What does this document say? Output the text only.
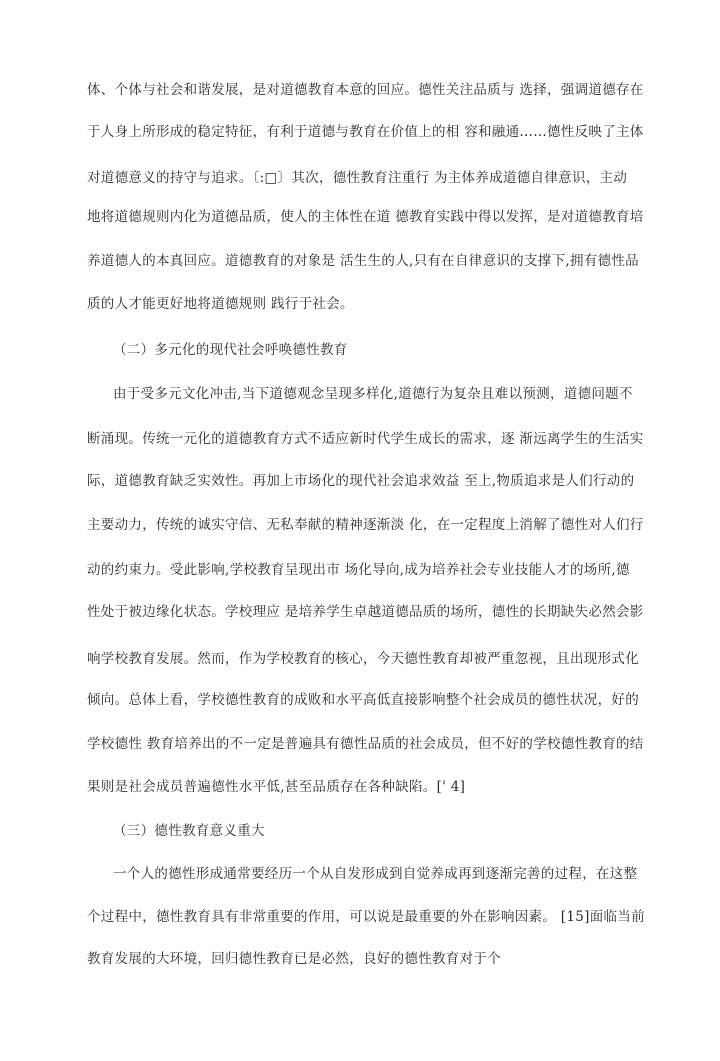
体、个体与社会和谐发展，是对道德教育本意的回应。德性关注品质与 选择，强调道德存在
于人身上所形成的稳定特征，有利于道德与教育在价值上的相 容和融通……德性反映了主体
对道德意义的持守与追求。〔:□〕其次，德性教育注重行 为主体养成道德自律意识，主动
地将道德规则内化为道德品质，使人的主体性在道 德教育实践中得以发挥，是对道德教育培
养道德人的本真回应。道德教育的对象是 活生生的人,只有在自律意识的支撑下,拥有德性品
质的人才能更好地将道德规则 践行于社会。
（二）多元化的现代社会呼唤德性教育
由于受多元文化冲击,当下道德观念呈现多样化,道德行为复杂且难以预测，道德问题不
断涌现。传统一元化的道德教育方式不适应新时代学生成长的需求，逐 渐远离学生的生活实
际，道德教育缺乏实效性。再加上市场化的现代社会追求效益 至上,物质追求是人们行动的
主要动力，传统的诚实守信、无私奉献的精神逐渐淡 化，在一定程度上消解了德性对人们行
动的约束力。受此影响,学校教育呈现出市 场化导向,成为培养社会专业技能人才的场所,德
性处于被边缘化状态。学校理应 是培养学生卓越道德品质的场所，德性的长期缺失必然会影
响学校教育发展。然而，作为学校教育的核心，今天德性教育却被严重忽视，且出现形式化
倾向。总体上看，学校德性教育的成败和水平高低直接影响整个社会成员的德性状况，好的
学校德性 教育培养出的不一定是普遍具有德性品质的社会成员，但不好的学校德性教育的结
果则是社会成员普遍德性水平低,甚至品质存在各种缺陷。[' 4]
（三）德性教育意义重大
一个人的德性形成通常要经历一个从自发形成到自觉养成再到逐渐完善的过程，在这整
个过程中，德性教育具有非常重要的作用，可以说是最重要的外在影响因素。 [15]面临当前
教育发展的大环境，回归德性教育已是必然，良好的德性教育对于个
